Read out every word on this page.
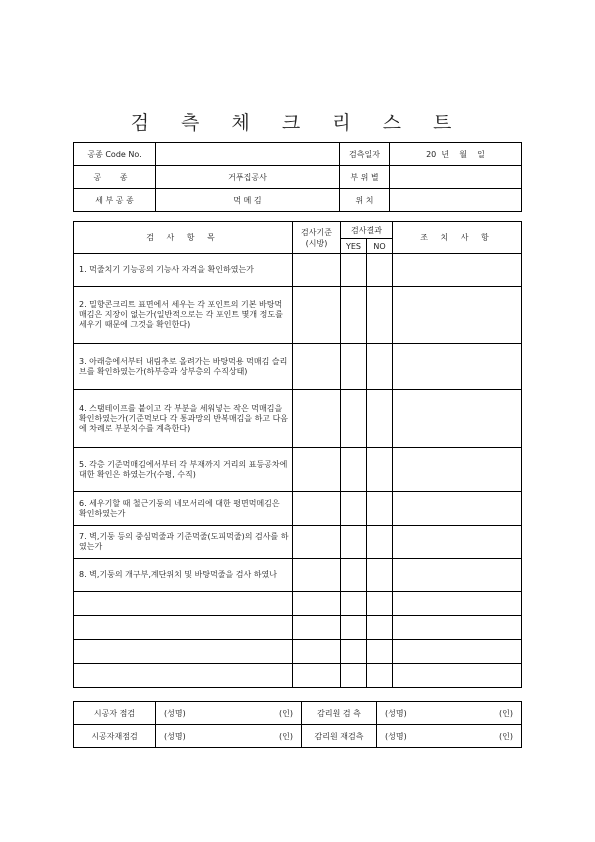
검 측 체 크 리 스 트
공종 Code No.		검측일자	20  년    월    일
공 종	거푸집공사	부 위 별	
세 부 공 종	먹 메 김	위 치	
검 사 항 목	검사기준(시방)	검사결과		조 치 사 항
		YES	NO	
1. 먹줄치기 기능공의 기능사 자격을 확인하였는가				
2. 밀향콘크리트 표면에서 세우는 각 포인트의 기본 바탕먹매김은 지장이 없는가(일반적으로는 각 포인트 몇개 정도를 세우기 때문에 그것을 확인한다)				
3. 아래층에서부터 내림추로 올려가는 바탕먹용 먹매김 슬리브를 확인하였는가(하부층과 상부층의 수직상태)				
4. 스탬테이프를 붙이고 각 부분을 세워넣는 작은 먹매김을 확인하였는가(기준먹보다 각 통과망의 반복매김을 하고 다음에 차례로 부분치수를 계측한다)				
5. 각층 기준먹매김에서부터 각 부재까지 거리의 표등공차에 대한 확인은 하였는가(수평, 수직)				
6. 세우기할 때 철근기둥의 네모서리에 대한 평면먹메김은 확인하였는가				
7. 벽,기둥 등의 중심먹줄과 기준먹줄(도피먹줄)의 검사를 하였는가				
8. 벽,기둥의 개구부,계단위치 및 바탕먹줄을 검사 하였나				

시공자 점검	(성명) (인)	감리원 검 측	(성명) (인)

시공자재점검	(성명) (인)	감리원 재검측	(성명) (인)
